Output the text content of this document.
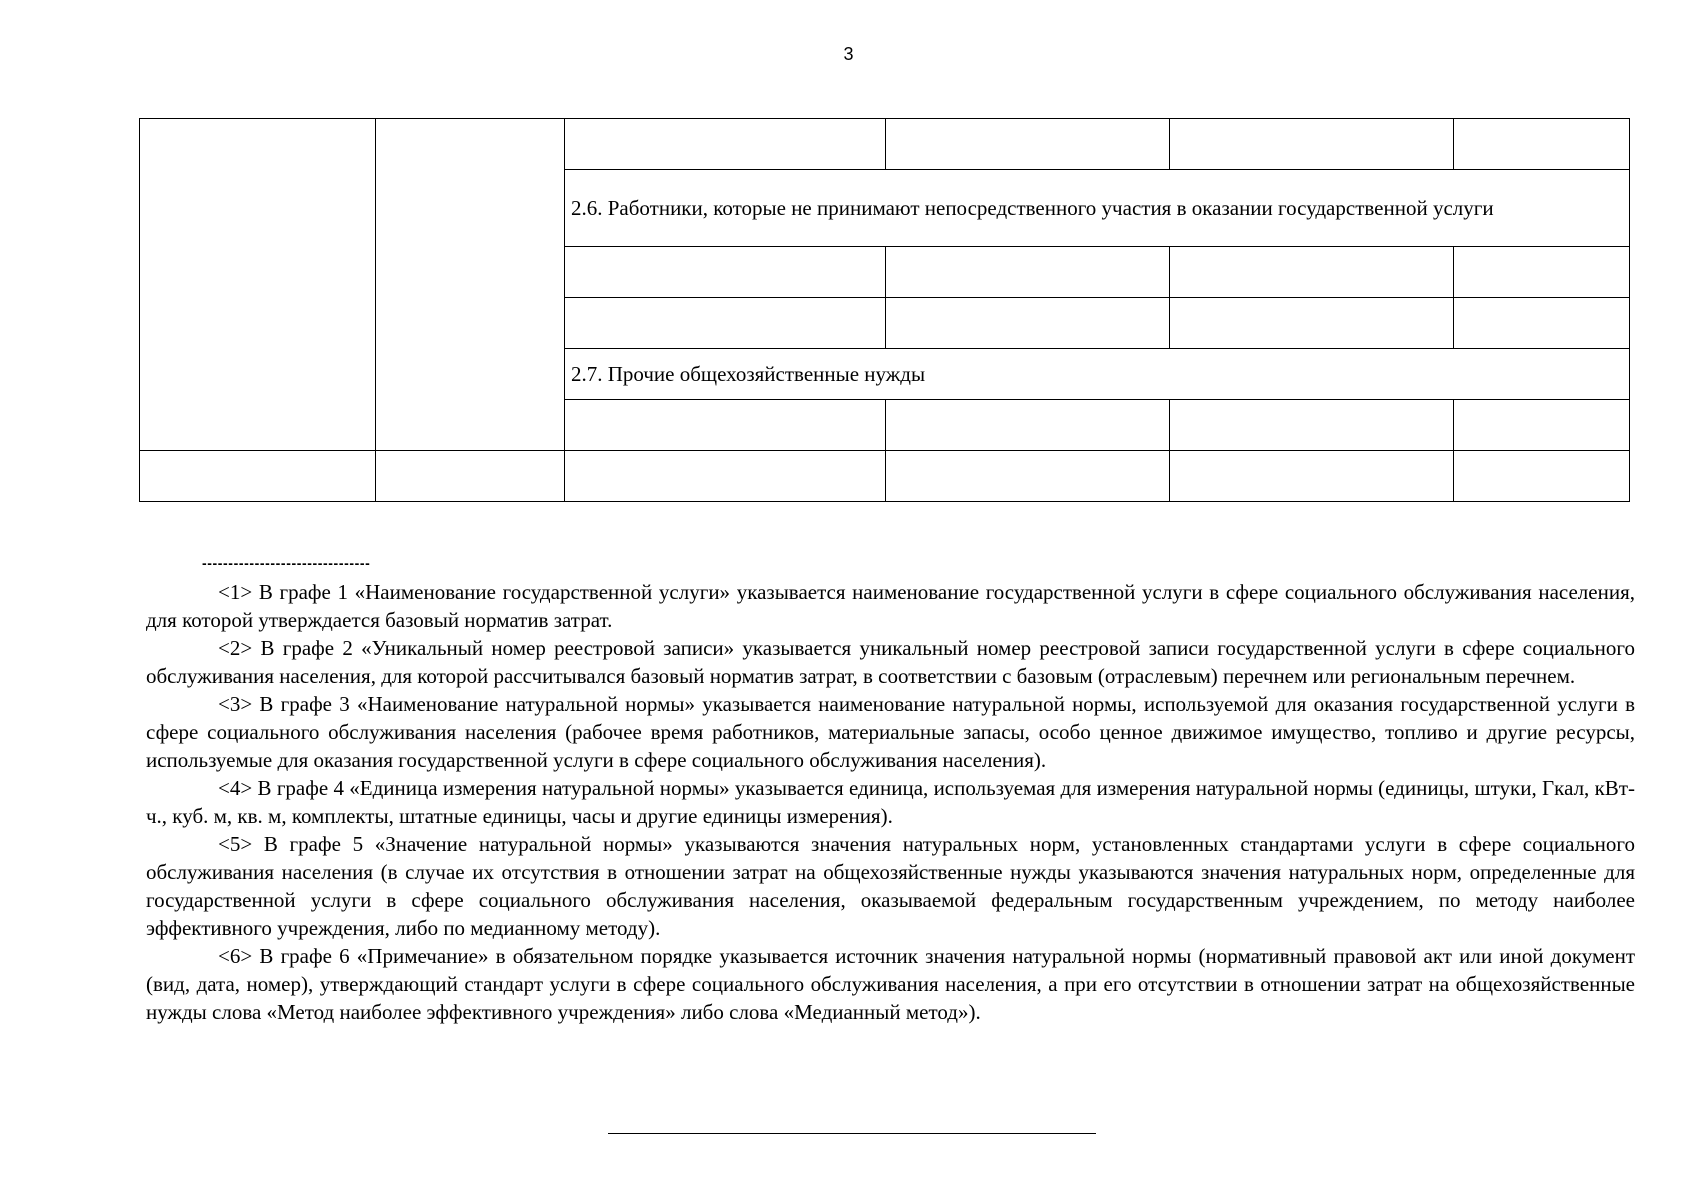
3

		2.6. Работники, которые не принимают непосредственного участия в оказании государственной услуги			

		2.7. Прочие общехозяйственные нужды			

--------------------------------

<1> В графе 1 «Наименование государственной услуги» указывается наименование государственной услуги в сфере социального обслуживания населения, для которой утверждается базовый норматив затрат.

<2> В графе 2 «Уникальный номер реестровой записи» указывается уникальный номер реестровой записи государственной услуги в сфере социального обслуживания населения, для которой рассчитывался базовый норматив затрат, в соответствии с базовым (отраслевым) перечнем или региональным перечнем.

<3> В графе 3 «Наименование натуральной нормы» указывается наименование натуральной нормы, используемой для оказания государственной услуги в сфере социального обслуживания населения (рабочее время работников, материальные запасы, особо ценное движимое имущество, топливо и другие ресурсы, используемые для оказания государственной услуги в сфере социального обслуживания населения).

<4> В графе 4 «Единица измерения натуральной нормы» указывается единица, используемая для измерения натуральной нормы (единицы, штуки, Гкал, кВт-ч., куб. м, кв. м, комплекты, штатные единицы, часы и другие единицы измерения).

<5> В графе 5 «Значение натуральной нормы» указываются значения натуральных норм, установленных стандартами услуги в сфере социального обслуживания населения (в случае их отсутствия в отношении затрат на общехозяйственные нужды указываются значения натуральных норм, определенные для государственной услуги в сфере социального обслуживания населения, оказываемой федеральным государственным учреждением, по методу наиболее эффективного учреждения, либо по медианному методу).

<6> В графе 6 «Примечание» в обязательном порядке указывается источник значения натуральной нормы (нормативный правовой акт или иной документ (вид, дата, номер), утверждающий стандарт услуги в сфере социального обслуживания населения, а при его отсутствии в отношении затрат на общехозяйственные нужды слова «Метод наиболее эффективного учреждения» либо слова «Медианный метод»).
